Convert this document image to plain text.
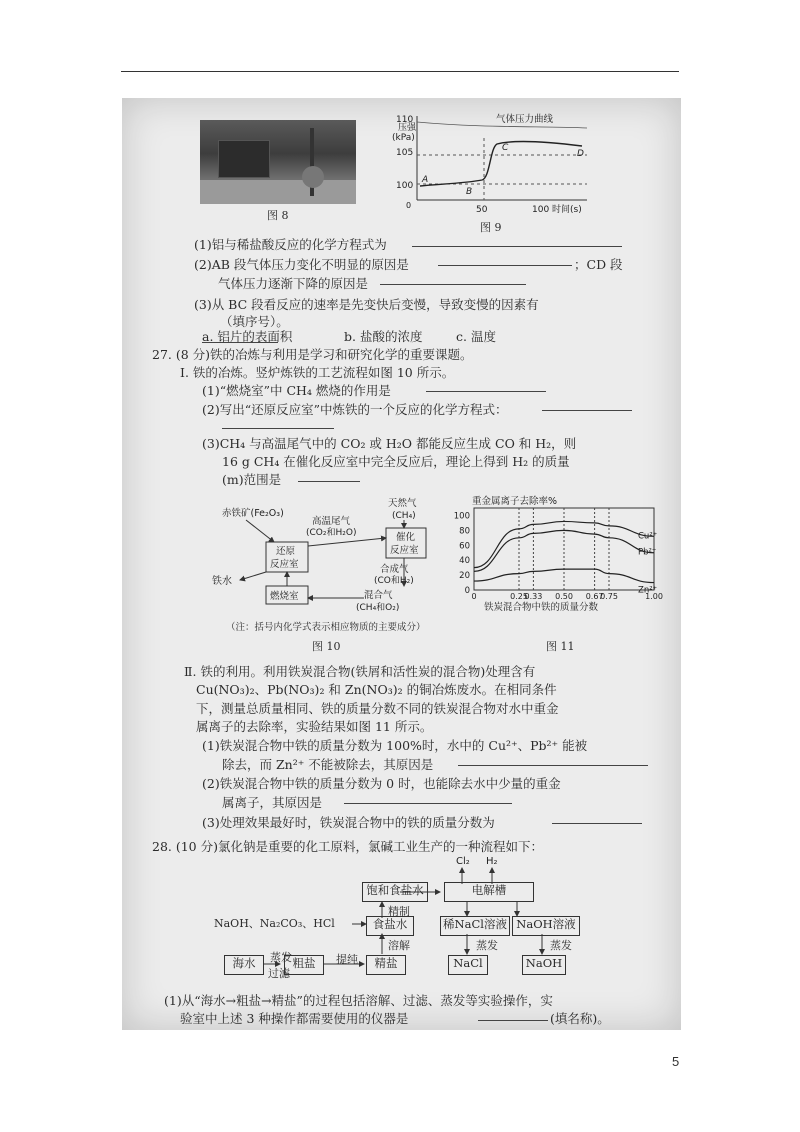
图 8
气体压力曲线
压强
(kPa)
110
105
100
A
B
C
D
0	50	100 时间(s)
图 9
(1)铝与稀盐酸反应的化学方程式为
(2)AB 段气体压力变化不明显的原因是	；CD 段
气体压力逐渐下降的原因是
(3)从 BC 段看反应的速率是先变快后变慢，导致变慢的因素有
（填序号）。
a. 铝片的表面积	b. 盐酸的浓度	c. 温度
27. (8 分)铁的冶炼与利用是学习和研究化学的重要课题。
Ⅰ. 铁的冶炼。竖炉炼铁的工艺流程如图 10 所示。
(1)“燃烧室”中 CH₄ 燃烧的作用是
(2)写出“还原反应室”中炼铁的一个反应的化学方程式：
(3)CH₄ 与高温尾气中的 CO₂ 或 H₂O 都能反应生成 CO 和 H₂，则
16 g CH₄ 在催化反应室中完全反应后，理论上得到 H₂ 的质量
(m)范围是
赤铁矿(Fe₂O₃)
高温尾气
(CO₂和H₂O)
天然气
(CH₄)
还原
反应室
催化
反应室
合成气
(CO和H₂)
铁水
燃烧室	混合气
(CH₄和O₂)
重金属离子去除率%
0
20
40
60
80
100
0	0.25
0.33 0.50 0.67
0.75	1.00
Cu²⁺
Pb²⁺
Zn²⁺
铁炭混合物中铁的质量分数
（注：括号内化学式表示相应物质的主要成分）
图 10	图 11
Ⅱ. 铁的利用。利用铁炭混合物(铁屑和活性炭的混合物)处理含有
Cu(NO₃)₂、Pb(NO₃)₂ 和 Zn(NO₃)₂ 的铜冶炼废水。在相同条件
下，测量总质量相同、铁的质量分数不同的铁炭混合物对水中重金
属离子的去除率，实验结果如图 11 所示。
(1)铁炭混合物中铁的质量分数为 100%时，水中的 Cu²⁺、Pb²⁺ 能被
除去，而 Zn²⁺ 不能被除去，其原因是
(2)铁炭混合物中铁的质量分数为 0 时，也能除去水中少量的重金
属离子，其原因是
(3)处理效果最好时，铁炭混合物中的铁的质量分数为
28. (10 分)氯化钠是重要的化工原料，氯碱工业生产的一种流程如下：
Cl₂ H₂
饱和食盐水	电解槽
精制
NaOH、Na₂CO₃、HCl	食盐水	稀NaCl溶液 NaOH溶液
溶解	蒸发	蒸发
蒸发	提纯
海水
过滤
粗盐	精盐	NaCl	NaOH
(1)从“海水→粗盐→精盐”的过程包括溶解、过滤、蒸发等实验操作，实
验室中上述 3 种操作都需要使用的仪器是	(填名称)。
5
